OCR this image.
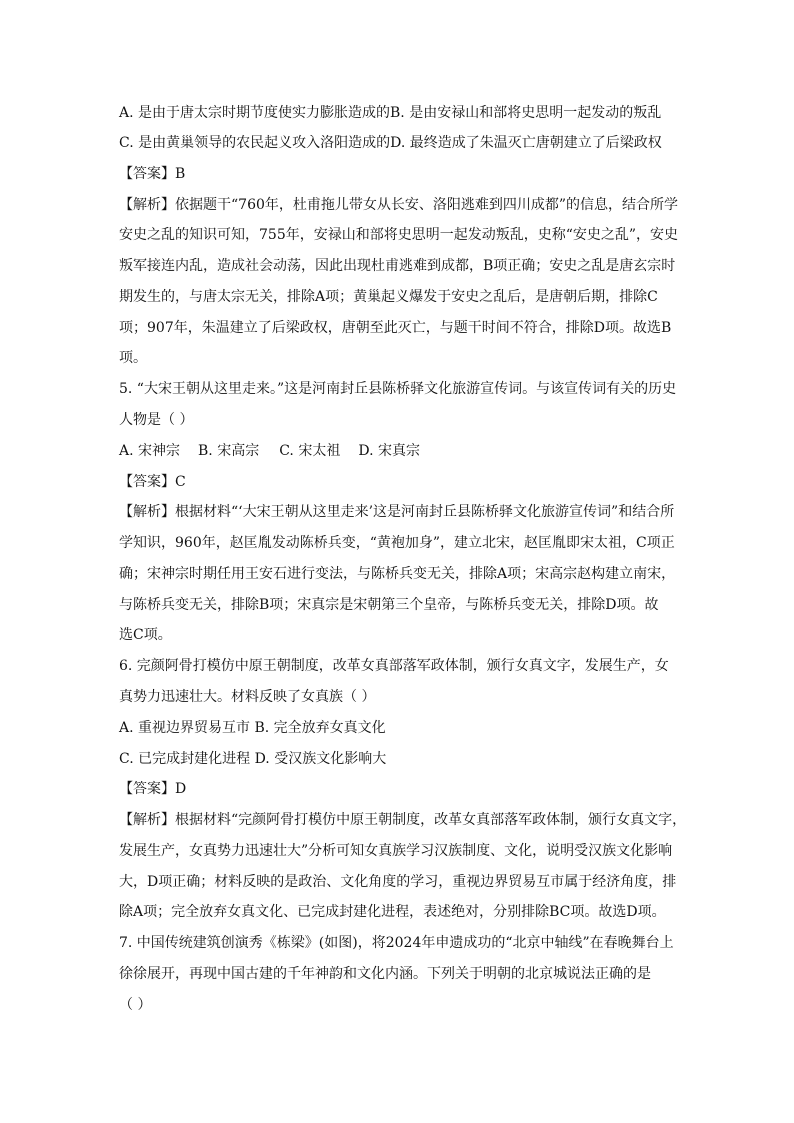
A. 是由于唐太宗时期节度使实力膨胀造成的B. 是由安禄山和部将史思明一起发动的叛乱
C. 是由黄巢领导的农民起义攻入洛阳造成的D. 最终造成了朱温灭亡唐朝建立了后梁政权
【答案】B
【解析】依据题干“760年，杜甫拖儿带女从长安、洛阳逃难到四川成都”的信息，结合所学
安史之乱的知识可知，755年，安禄山和部将史思明一起发动叛乱，史称“安史之乱”，安史
叛军接连内乱，造成社会动荡，因此出现杜甫逃难到成都，B项正确；安史之乱是唐玄宗时
期发生的，与唐太宗无关，排除A项；黄巢起义爆发于安史之乱后，是唐朝后期，排除C
项；907年，朱温建立了后梁政权，唐朝至此灭亡，与题干时间不符合，排除D项。故选B
项。
5. “大宋王朝从这里走来。”这是河南封丘县陈桥驿文化旅游宣传词。与该宣传词有关的历史
人物是（ ）
A. 宋神宗 B. 宋高宗 C. 宋太祖 D. 宋真宗
【答案】C
【解析】根据材料“‘大宋王朝从这里走来’这是河南封丘县陈桥驿文化旅游宣传词”和结合所
学知识，960年，赵匡胤发动陈桥兵变，“黄袍加身”，建立北宋，赵匡胤即宋太祖，C项正
确；宋神宗时期任用王安石进行变法，与陈桥兵变无关，排除A项；宋高宗赵构建立南宋，
与陈桥兵变无关，排除B项；宋真宗是宋朝第三个皇帝，与陈桥兵变无关，排除D项。故
选C项。
6. 完颜阿骨打模仿中原王朝制度，改革女真部落军政体制，颁行女真文字，发展生产，女
真势力迅速壮大。材料反映了女真族（ ）
A. 重视边界贸易互市 B. 完全放弃女真文化
C. 已完成封建化进程 D. 受汉族文化影响大
【答案】D
【解析】根据材料“完颜阿骨打模仿中原王朝制度，改革女真部落军政体制，颁行女真文字，
发展生产，女真势力迅速壮大”分析可知女真族学习汉族制度、文化，说明受汉族文化影响
大，D项正确；材料反映的是政治、文化角度的学习，重视边界贸易互市属于经济角度，排
除A项；完全放弃女真文化、已完成封建化进程，表述绝对，分别排除BC项。故选D项。
7. 中国传统建筑创演秀《栋梁》(如图)，将2024年申遗成功的“北京中轴线”在春晚舞台上
徐徐展开，再现中国古建的千年神韵和文化内涵。下列关于明朝的北京城说法正确的是
（ ）
